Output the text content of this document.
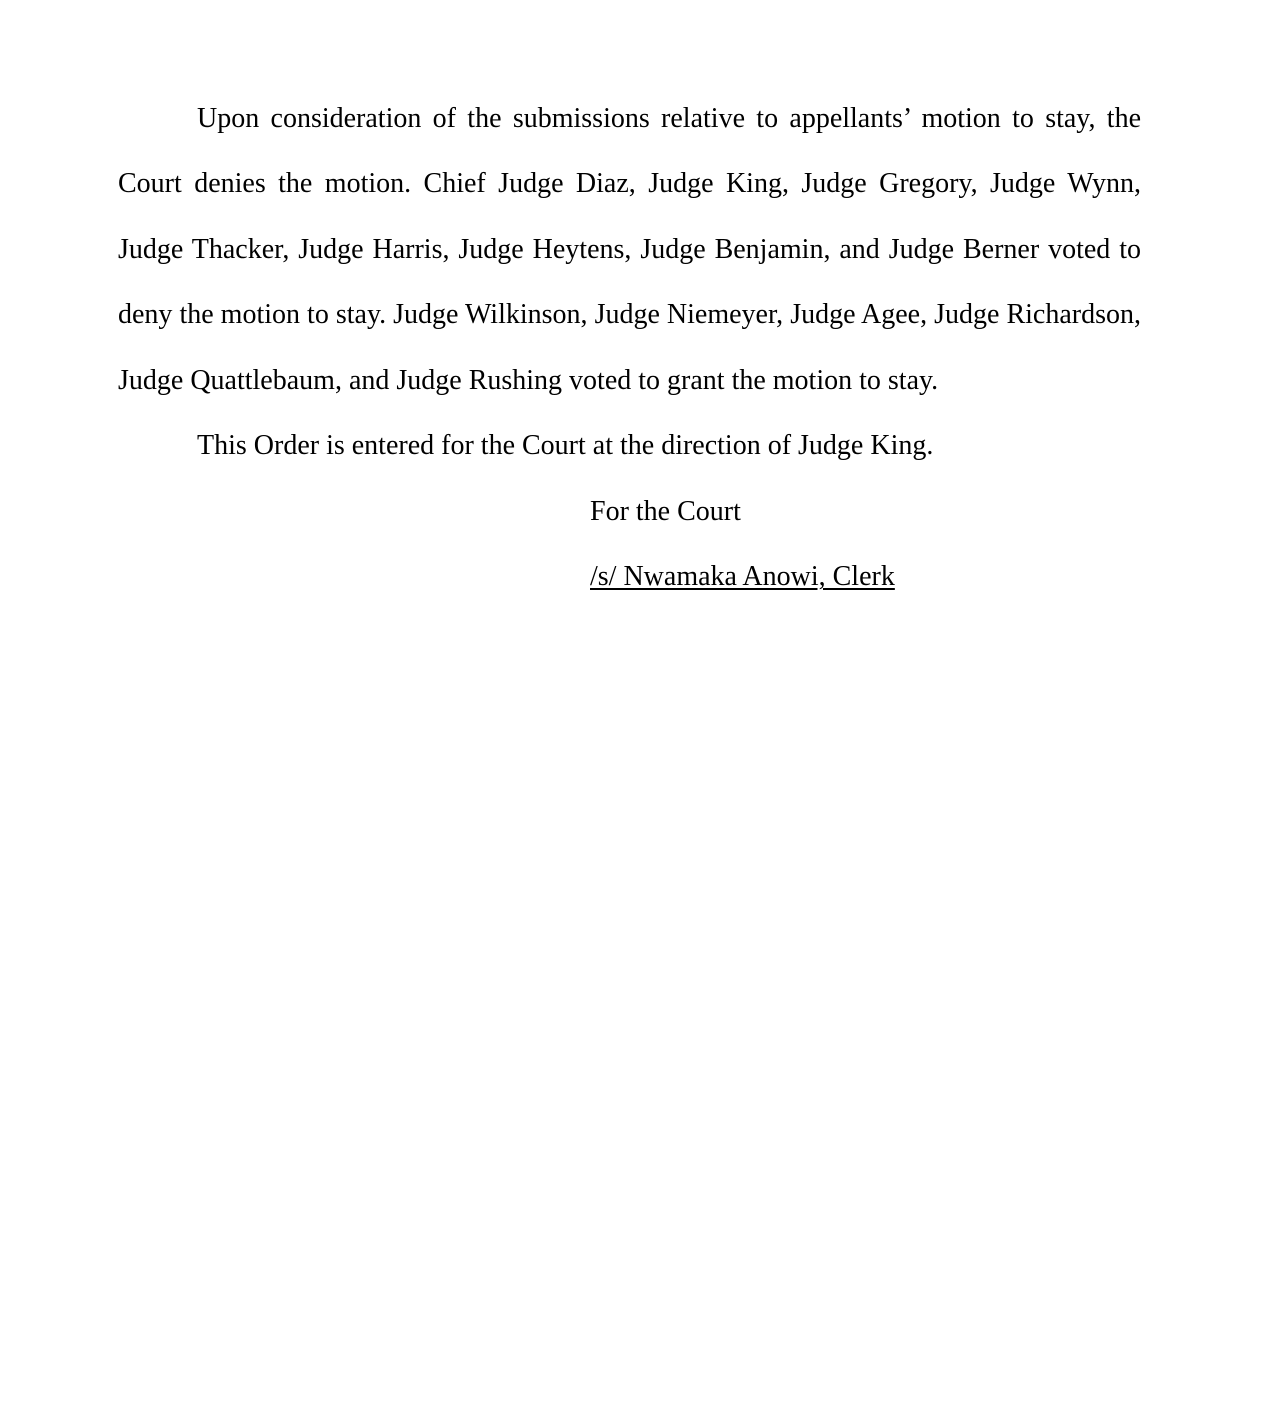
Upon consideration of the submissions relative to appellants’ motion to stay, the Court denies the motion. Chief Judge Diaz, Judge King, Judge Gregory, Judge Wynn, Judge Thacker, Judge Harris, Judge Heytens, Judge Benjamin, and Judge Berner voted to deny the motion to stay. Judge Wilkinson, Judge Niemeyer, Judge Agee, Judge Richardson, Judge Quattlebaum, and Judge Rushing voted to grant the motion to stay.

This Order is entered for the Court at the direction of Judge King.

For the Court

/s/ Nwamaka Anowi, Clerk
